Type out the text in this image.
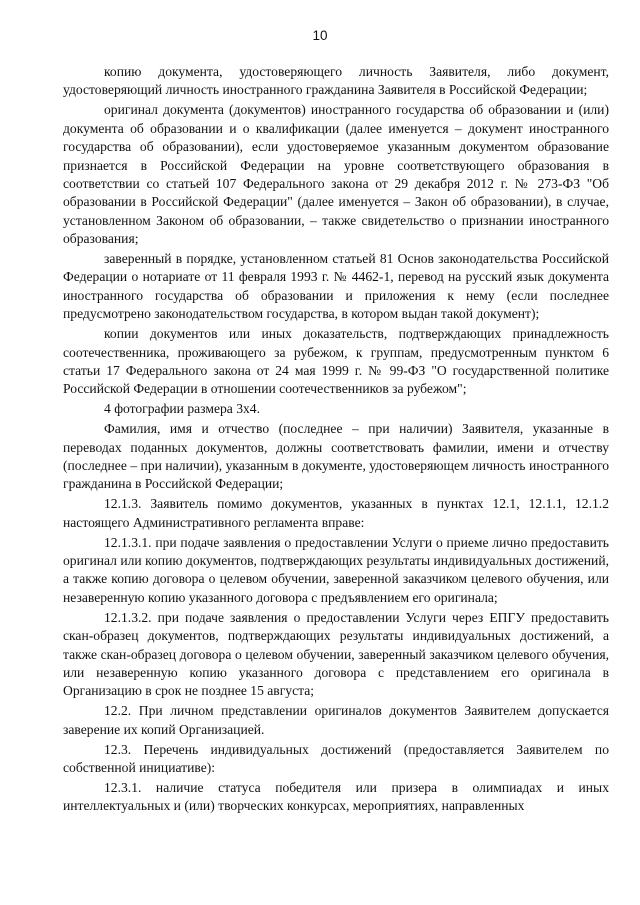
10

копию документа, удостоверяющего личность Заявителя, либо документ, удостоверяющий личность иностранного гражданина Заявителя в Российской Федерации;

оригинал документа (документов) иностранного государства об образовании и (или) документа об образовании и о квалификации (далее именуется – документ иностранного государства об образовании), если удостоверяемое указанным документом образование признается в Российской Федерации на уровне соответствующего образования в соответствии со статьей 107 Федерального закона от 29 декабря 2012 г. № 273-ФЗ "Об образовании в Российской Федерации" (далее именуется – Закон об образовании), в случае, установленном Законом об образовании, – также свидетельство о признании иностранного образования;

заверенный в порядке, установленном статьей 81 Основ законодательства Российской Федерации о нотариате от 11 февраля 1993 г. № 4462-1, перевод на русский язык документа иностранного государства об образовании и приложения к нему (если последнее предусмотрено законодательством государства, в котором выдан такой документ);

копии документов или иных доказательств, подтверждающих принадлежность соотечественника, проживающего за рубежом, к группам, предусмотренным пунктом 6 статьи 17 Федерального закона от 24 мая 1999 г. № 99-ФЗ "О государственной политике Российской Федерации в отношении соотечественников за рубежом";

4 фотографии размера 3х4.

Фамилия, имя и отчество (последнее – при наличии) Заявителя, указанные в переводах поданных документов, должны соответствовать фамилии, имени и отчеству (последнее – при наличии), указанным в документе, удостоверяющем личность иностранного гражданина в Российской Федерации;

12.1.3. Заявитель помимо документов, указанных в пунктах 12.1, 12.1.1, 12.1.2 настоящего Административного регламента вправе:

12.1.3.1. при подаче заявления о предоставлении Услуги о приеме лично предоставить оригинал или копию документов, подтверждающих результаты индивидуальных достижений, а также копию договора о целевом обучении, заверенной заказчиком целевого обучения, или незаверенную копию указанного договора с предъявлением его оригинала;

12.1.3.2. при подаче заявления о предоставлении Услуги через ЕПГУ предоставить скан-образец документов, подтверждающих результаты индивидуальных достижений, а также скан-образец договора о целевом обучении, заверенный заказчиком целевого обучения, или незаверенную копию указанного договора с представлением его оригинала в Организацию в срок не позднее 15 августа;

12.2. При личном представлении оригиналов документов Заявителем допускается заверение их копий Организацией.

12.3. Перечень индивидуальных достижений (предоставляется Заявителем по собственной инициативе):

12.3.1. наличие статуса победителя или призера в олимпиадах и иных интеллектуальных и (или) творческих конкурсах, мероприятиях, направленных
